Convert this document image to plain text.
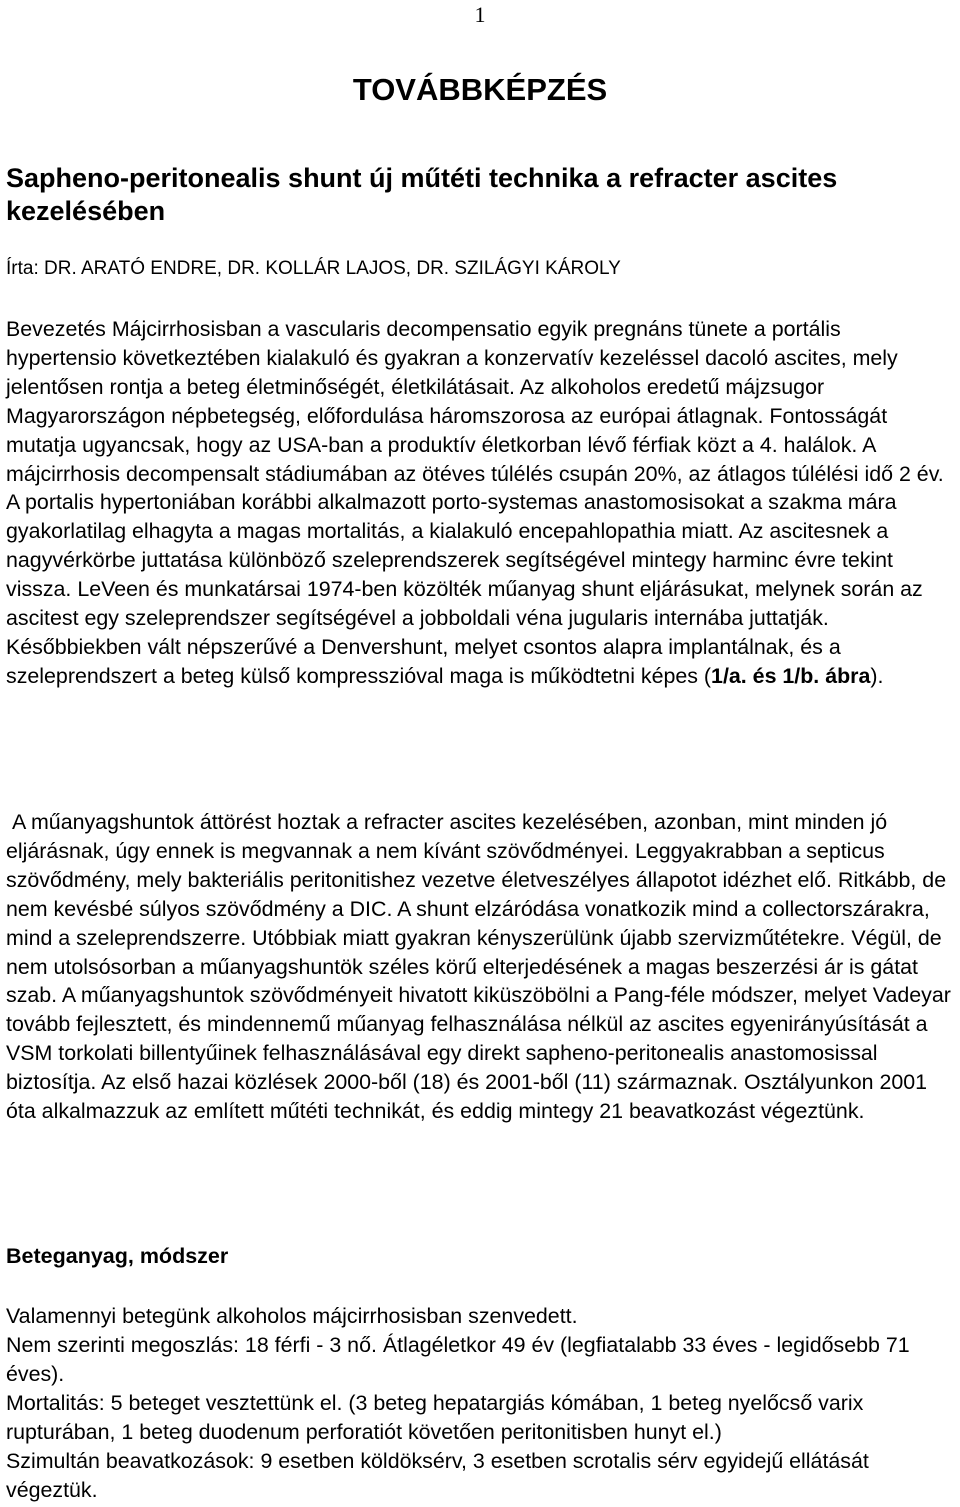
1
TOVÁBBKÉPZÉS
Sapheno-peritonealis shunt új műtéti technika a refracter ascites kezelésében

Írta: DR. ARATÓ ENDRE, DR. KOLLÁR LAJOS, DR. SZILÁGYI KÁROLY

Bevezetés Májcirrhosisban a vascularis decompensatio egyik pregnáns tünete a portális hypertensio következtében kialakuló és gyakran a konzervatív kezeléssel dacoló ascites, mely jelentősen rontja a beteg életminőségét, életkilátásait. Az alkoholos eredetű májzsugor Magyarországon népbetegség, előfordulása háromszorosa az európai átlagnak. Fontosságát mutatja ugyancsak, hogy az USA-ban a produktív életkorban lévő férfiak közt a 4. halálok. A májcirrhosis decompensalt stádiumában az ötéves túlélés csupán 20%, az átlagos túlélési idő 2 év. A portalis hypertoniában korábbi alkalmazott porto-systemas anastomosisokat a szakma mára gyakorlatilag elhagyta a magas mortalitás, a kialakuló encepahlopathia miatt. Az ascitesnek a nagyvérkörbe juttatása különböző szeleprendszerek segítségével mintegy harminc évre tekint vissza. LeVeen és munkatársai 1974-ben közölték műanyag shunt eljárásukat, melynek során az ascitest egy szeleprendszer segítségével a jobboldali véna jugularis internába juttatják. Későbbiekben vált népszerűvé a Denvershunt, melyet csontos alapra implantálnak, és a szeleprendszert a beteg külső kompresszióval maga is működtetni képes (1/a. és 1/b. ábra).

A műanyagshuntok áttörést hoztak a refracter ascites kezelésében, azonban, mint minden jó eljárásnak, úgy ennek is megvannak a nem kívánt szövődményei. Leggyakrabban a septicus szövődmény, mely bakteriális peritonitishez vezetve életveszélyes állapotot idézhet elő. Ritkább, de nem kevésbé súlyos szövődmény a DIC. A shunt elzáródása vonatkozik mind a collectorszárakra, mind a szeleprendszerre. Utóbbiak miatt gyakran kényszerülünk újabb szervizműtétekre. Végül, de nem utolsósorban a műanyagshuntök széles körű elterjedésének a magas beszerzési ár is gátat szab. A műanyagshuntok szövődményeit hivatott kiküszöbölni a Pang-féle módszer, melyet Vadeyar tovább fejlesztett, és mindennemű műanyag felhasználása nélkül az ascites egyenirányúsítását a VSM torkolati billentyűinek felhasználásával egy direkt sapheno-peritonealis anastomosissal biztosítja. Az első hazai közlések 2000-ből (18) és 2001-ből (11) származnak. Osztályunkon 2001 óta alkalmazzuk az említett műtéti technikát, és eddig mintegy 21 beavatkozást végeztünk.

Beteganyag, módszer

Valamennyi betegünk alkoholos májcirrhosisban szenvedett.

Nem szerinti megoszlás: 18 férfi - 3 nő. Átlagéletkor 49 év (legfiatalabb 33 éves - legidősebb 71 éves).

Mortalitás: 5 beteget vesztettünk el. (3 beteg hepatargiás kómában, 1 beteg nyelőcső varix rupturában, 1 beteg duodenum perforatiót követően peritonitisben hunyt el.)

Szimultán beavatkozások: 9 esetben köldöksérv, 3 esetben scrotalis sérv egyidejű ellátását végeztük.
